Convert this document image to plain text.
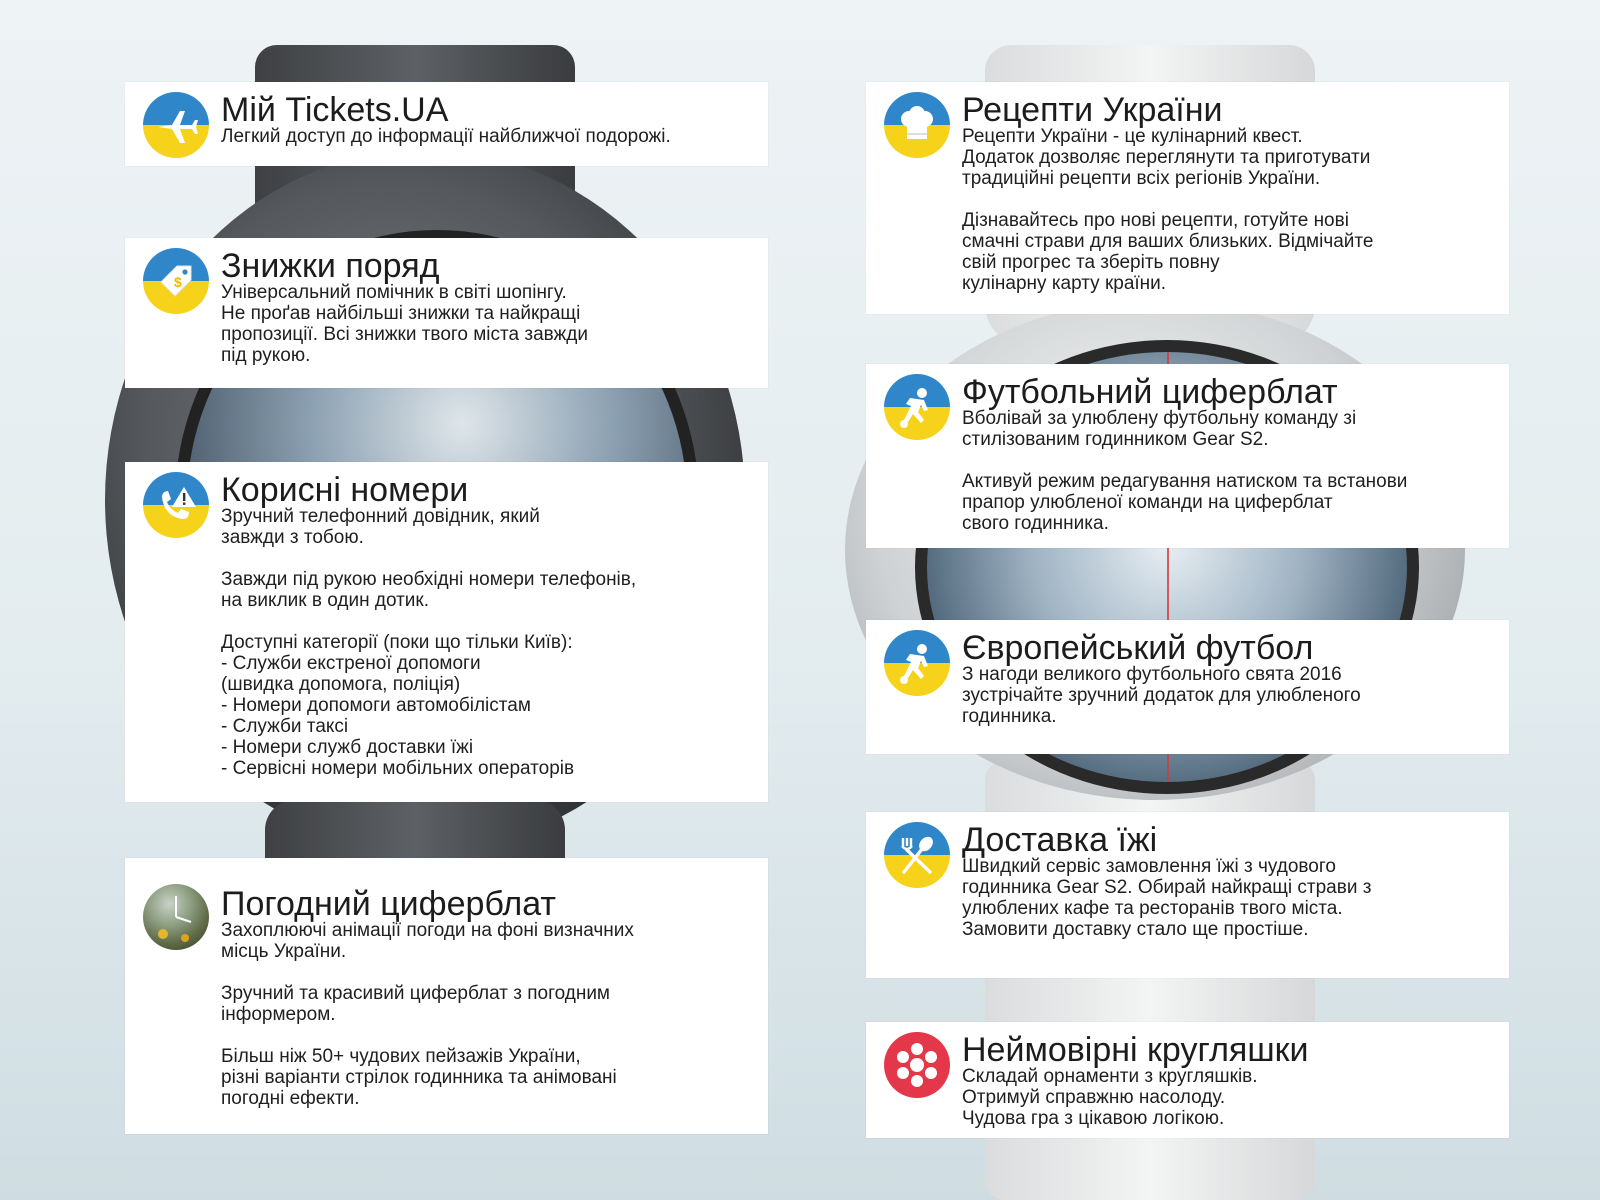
Мій Tickets.UA
Легкий доступ до інформації найближчої подорожі.
$ Знижки поряд
Універсальний помічник в світі шопінгу.
Не проґав найбільші знижки та найкращі
пропозиції. Всі знижки твого міста завжди
під рукою.
Корисні номери
Зручний телефонний довідник, який
завжди з тобою.

Завжди під рукою необхідні номери телефонів,
на виклик в один дотик.

Доступні категорії (поки що тільки Київ):
- Служби екстреної допомоги
(швидка допомога, поліція)
- Номери допомоги автомобілістам
- Служби таксі
- Номери служб доставки їжі
- Сервісні номери мобільних операторів
Погодний циферблат
Захоплюючі анімації погоди на фоні визначних
місць України.

Зручний та красивий циферблат з погодним
інформером.

Більш ніж 50+ чудових пейзажів України,
різні варіанти стрілок годинника та анімовані
погодні ефекти.
Рецепти України
Рецепти України - це кулінарний квест.
Додаток дозволяє переглянути та приготувати
традиційні рецепти всіх регіонів України.

Дізнавайтесь про нові рецепти, готуйте нові
смачні страви для ваших близьких. Відмічайте
свій прогрес та зберіть повну
кулінарну карту країни.
Футбольний циферблат
Вболівай за улюблену футбольну команду зі
стилізованим годинником Gear S2.

Активуй режим редагування натиском та встанови
прапор улюбленої команди на циферблат
свого годинника.
Європейський футбол
З нагоди великого футбольного свята 2016
зустрічайте зручний додаток для улюбленого
годинника.
Доставка їжі
Швидкий сервіс замовлення їжі з чудового
годинника Gear S2. Обирай найкращі страви з
улюблених кафе та ресторанів твого міста.
Замовити доставку стало ще простіше.
Неймовірні кругляшки
Складай орнаменти з кругляшків.
Отримуй справжню насолоду.
Чудова гра з цікавою логікою.
